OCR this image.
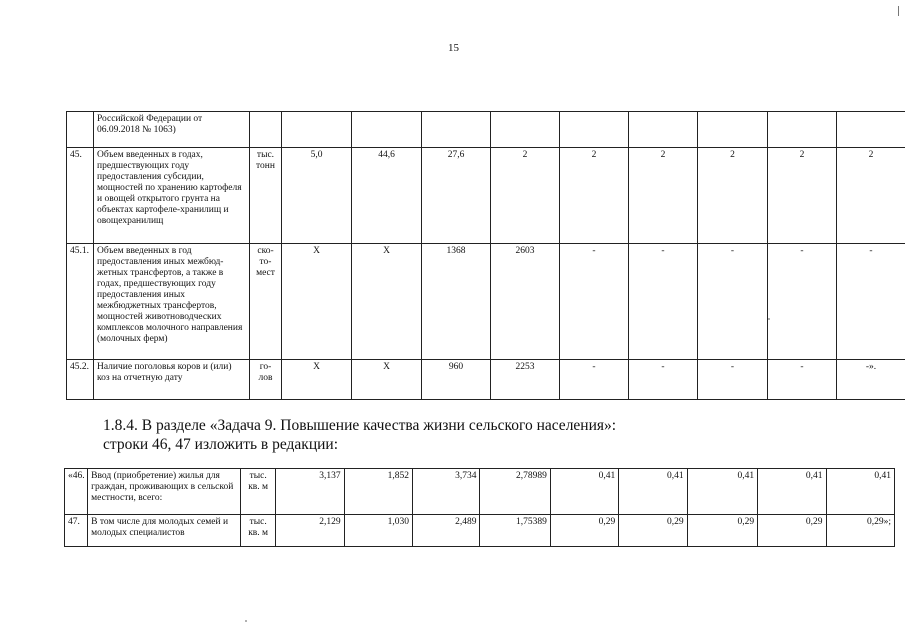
15
	Российской Федерации от 06.09.2018 № 1063)										
45.	Объем введенных в годах, предшествующих году предоставления субсидии, мощностей по хранению картофеля и овощей открытого грунта на объектах картофеле-хранилищ и овощехранилищ	тыс. тонн	5,0	44,6	27,6	2	2	2	2	2	2
45.1.	Объем введенных в год предоставления иных межбюд-жетных трансфертов, а также в годах, предшествующих году предоставления иных межбюджетных трансфертов, мощностей животноводческих комплексов молочного направления (молочных ферм)	ско-то-мест	Х	Х	1368	2603	-	-	-	-	-
45.2.	Наличие поголовья коров и (или) коз на отчетную дату	го-лов	Х	Х	960	2253	-	-	-	-	-».
1.8.4. В разделе «Задача 9. Повышение качества жизни сельского населения»:
строки 46, 47 изложить в редакции:
«46.	Ввод (приобретение) жилья для граждан, проживающих в сельской местности, всего:	тыс. кв. м	3,137	1,852	3,734	2,78989	0,41	0,41	0,41	0,41	0,41
47.	В том числе для молодых семей и молодых специалистов	тыс. кв. м	2,129	1,030	2,489	1,75389	0,29	0,29	0,29	0,29	0,29»;
